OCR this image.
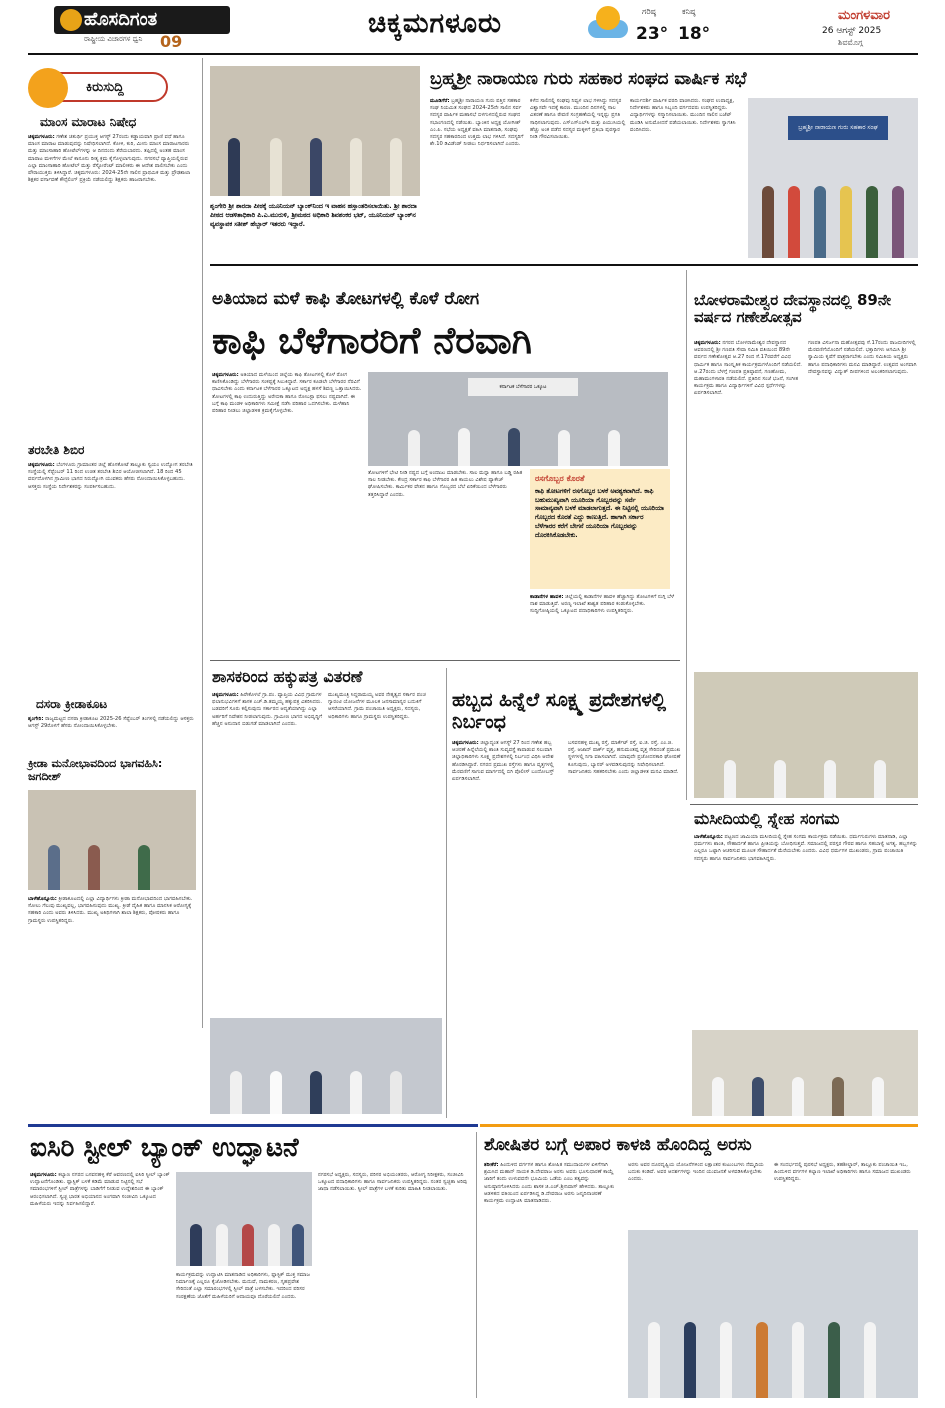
ಹೊಸದಿಗಂತ
ರಾಷ್ಟ್ರೀಯ ವಿಚಾರಗಳ ಧ್ವನಿ 09
ಚಿಕ್ಕಮಗಳೂರು	ಗರಿಷ್ಠ
23°
ಕನಿಷ್ಠ
18°
ಮಂಗಳವಾರ
26 ಆಗಸ್ಟ್ 2025
ಶಿವಮೊಗ್ಗ
ಕಿರುಸುದ್ದಿ
ಮಾಂಸ ಮಾರಾಟ ನಿಷೇಧ
ಚಿಕ್ಕಮಗಳೂರು: ಗಣೇಶ ಚತುರ್ಥಿ ಪ್ರಯುಕ್ತ ಆಗಸ್ಟ್ 27ರಂದು ಕಡ್ಡಾಯವಾಗಿ ಪ್ರಾಣಿ ವಧೆ ಹಾಗೂ ಮಾಂಸ ಮಾರಾಟ ಮಾಡುವುದನ್ನು ನಿಷೇಧಿಸಲಾಗಿದೆ. ಕೋಳಿ, ಕುರಿ, ಮೀನು ಮಾಂಸ ಮಾರಾಟಗಾರರು ಮತ್ತು ಮಾಂಸಾಹಾರಿ ಹೋಟೆಲ್‌ಗಳನ್ನು ಆ ದಿನದಂದು ತೆರೆಯಬಾರದು. ತಪ್ಪಿದಲ್ಲಿ ಅಂತಹ ಮಾಂಸ ಮಾರಾಟ ಮಳಿಗೆಗಳ ಮೇಲೆ ಕಾನೂನು ರೀತ್ಯ ಕ್ರಮ ಕೈಗೊಳ್ಳಲಾಗುವುದು. ನಗರಸಭೆ ವ್ಯಾಪ್ತಿಯಲ್ಲಿರುವ ಎಲ್ಲಾ ಮಾಂಸಾಹಾರಿ ಹೋಟೆಲ್ ಮತ್ತು ರೆಸ್ಟೋರೆಂಟ್ ಮಾಲೀಕರು ಈ ಆದೇಶ ಪಾಲಿಸಬೇಕು ಎಂದು ಪೌರಾಯುಕ್ತರು ತಿಳಿಸಿದ್ದಾರೆ. ಚಿಕ್ಕಮಗಳೂರು: 2024-25ನೇ ಸಾಲಿನ ಪ್ರಾಥಮಿಕ ಮತ್ತು ಪ್ರೌಢಶಾಲಾ ಶಿಕ್ಷಕರ ವರ್ಗಾವಣೆ ಕೌನ್ಸೆಲಿಂಗ್ ಪ್ರಕ್ರಿಯೆ ನಡೆಯಲಿದ್ದು ಶಿಕ್ಷಕರು ಹಾಜರಾಗಬೇಕು.
ತರಬೇತಿ ಶಿಬಿರ
ಚಿಕ್ಕಮಗಳೂರು: ಬೆಂಗಳೂರು ಗ್ರಾಮಾಂತರ ಜಿಲ್ಲೆ ಹೊಸಕೋಟೆ ತಾಲ್ಲೂಕು ಸ್ವಯಂ ಉದ್ಯೋಗ ತರಬೇತಿ ಸಂಸ್ಥೆಯಲ್ಲಿ ಸೆಪ್ಟೆಂಬರ್ 11 ರಿಂದ ಉಚಿತ ತರಬೇತಿ ಶಿಬಿರ ಆಯೋಜಿಸಲಾಗಿದೆ. 18 ರಿಂದ 45 ವರ್ಷದೊಳಗಿನ ಗ್ರಾಮೀಣ ಭಾಗದ ನಿರುದ್ಯೋಗಿ ಯುವಕರು ಹೆಸರು ನೋಂದಾಯಿಸಿಕೊಳ್ಳಬಹುದು. ಆಸಕ್ತರು ಸಂಸ್ಥೆಯ ನಿರ್ದೇಶಕರನ್ನು ಸಂಪರ್ಕಿಸಬಹುದು.
ದಸರಾ ಕ್ರೀಡಾಕೂಟ
ಶೃಂಗೇರಿ: ರಾಜ್ಯಮಟ್ಟದ ದಸರಾ ಕ್ರೀಡಾಕೂಟ 2025-26 ಸೆಪ್ಟೆಂಬರ್ ತಿಂಗಳಲ್ಲಿ ನಡೆಯಲಿದ್ದು ಆಸಕ್ತರು ಆಗಸ್ಟ್ 29ರೊಳಗೆ ಹೆಸರು ನೋಂದಾಯಿಸಿಕೊಳ್ಳಬೇಕು.
ಕ್ರೀಡಾ ಮನೋಭಾವದಿಂದ ಭಾಗವಹಿಸಿ: ಜಗದೀಶ್
ಬಾಳೆಹೊನ್ನೂರು: ಕ್ರೀಡಾಕೂಟದಲ್ಲಿ ಎಲ್ಲಾ ವಿದ್ಯಾರ್ಥಿಗಳು ಕ್ರೀಡಾ ಮನೋಭಾವದಿಂದ ಭಾಗವಹಿಸಬೇಕು. ಸೋಲು ಗೆಲುವು ಮುಖ್ಯವಲ್ಲ, ಭಾಗವಹಿಸುವುದು ಮುಖ್ಯ. ಕ್ರೀಡೆ ದೈಹಿಕ ಹಾಗೂ ಮಾನಸಿಕ ಆರೋಗ್ಯಕ್ಕೆ ಸಹಕಾರಿ ಎಂದು ಅವರು ತಿಳಿಸಿದರು. ಮುಖ್ಯ ಅತಿಥಿಗಳಾಗಿ ಶಾಲಾ ಶಿಕ್ಷಕರು, ಪೋಷಕರು ಹಾಗೂ ಗ್ರಾಮಸ್ಥರು ಉಪಸ್ಥಿತರಿದ್ದರು.
ಶೃಂಗೇರಿ ಶ್ರೀ ಶಾರದಾ ಪೀಠಕ್ಕೆ ಯೂನಿಯನ್ ಬ್ಯಾಂಕ್‌ನಿಂದ ಇ ವಾಹನ ಹಸ್ತಾಂತರಿಸಲಾಯಿತು. ಶ್ರೀ ಶಾರದಾ ಪೀಠದ ಆಡಳಿತಾಧಿಕಾರಿ ಪಿ.ಎ.ಮುರುಳಿ, ಶ್ರೀಮಠದ ಅಧಿಕಾರಿ ಶಿವಶಂಕರ ಭಟ್, ಯೂನಿಯನ್ ಬ್ಯಾಂಕ್‌ನ ವ್ಯವಸ್ಥಾಪಕ ಸತೀಶ್ ಹೆಬ್ಬಾರ್ ಇತರರು ಇದ್ದಾರೆ.
ಬ್ರಹ್ಮಶ್ರೀ ನಾರಾಯಣ ಗುರು ಸಹಕಾರ ಸಂಘದ ವಾರ್ಷಿಕ ಸಭೆ
ಮೂಡಿಗೆರೆ: ಬ್ರಹ್ಮಶ್ರೀ ನಾರಾಯಣ ಗುರು ಪತ್ತಿನ ಸಹಕಾರ ಸಂಘ ನಿಯಮಿತ ಸಂಘದ 2024-25ನೇ ಸಾಲಿನ ಸರ್ವ ಸದಸ್ಯರ ವಾರ್ಷಿಕ ಮಹಾಸಭೆ ಬಿಳಗುಳದಲ್ಲಿರುವ ಸಂಘದ ಸಭಾಂಗಣದಲ್ಲಿ ನಡೆಯಿತು. ಬ್ಯಾಂಕಿನ ಅಧ್ಯಕ್ಷ ಯೋಗೀಶ್ ಎಂ.ಪಿ. ಸಭೆಯ ಅಧ್ಯಕ್ಷತೆ ವಹಿಸಿ ಮಾತನಾಡಿ, ಸಂಘವು ಸದಸ್ಯರ ಸಹಕಾರದಿಂದ ಉತ್ತಮ ಲಾಭ ಗಳಿಸಿದೆ. ಸದಸ್ಯರಿಗೆ ಶೇ.10 ಡಿವಿಡೆಂಡ್ ನೀಡಲು ನಿರ್ಧರಿಸಲಾಗಿದೆ ಎಂದರು.
ಕಳೆದ ಸಾಲಿನಲ್ಲಿ ಸಂಘವು ನಿವ್ವಳ ಲಾಭ ಗಳಿಸಿದ್ದು ಸದಸ್ಯರ ವಿಶ್ವಾಸವೇ ಇದಕ್ಕೆ ಕಾರಣ. ಮುಂದಿನ ದಿನಗಳಲ್ಲಿ ಸಾಲ ವಿತರಣೆ ಹಾಗೂ ಠೇವಣಿ ಸಂಗ್ರಹಣೆಯಲ್ಲಿ ಇನ್ನಷ್ಟು ಪ್ರಗತಿ ಸಾಧಿಸಲಾಗುವುದು. ಎಸ್‌ಎಸ್‌ಎಲ್‌ಸಿ ಮತ್ತು ಪಿಯುಸಿಯಲ್ಲಿ ಹೆಚ್ಚು ಅಂಕ ಪಡೆದ ಸದಸ್ಯರ ಮಕ್ಕಳಿಗೆ ಪ್ರತಿಭಾ ಪುರಸ್ಕಾರ ನೀಡಿ ಗೌರವಿಸಲಾಯಿತು.
ಕಾರ್ಯದರ್ಶಿ ವಾರ್ಷಿಕ ವರದಿ ವಾಚಿಸಿದರು. ಸಂಘದ ಉಪಾಧ್ಯಕ್ಷ, ನಿರ್ದೇಶಕರು ಹಾಗೂ ಸಿಬ್ಬಂದಿ ವರ್ಗದವರು ಉಪಸ್ಥಿತರಿದ್ದರು. ವಿದ್ಯಾರ್ಥಿಗಳನ್ನು ಸನ್ಮಾನಿಸಲಾಯಿತು. ಮುಂದಿನ ಸಾಲಿನ ಬಜೆಟ್ ಮಂಡಿಸಿ ಅನುಮೋದನೆ ಪಡೆಯಲಾಯಿತು. ನಿರ್ದೇಶಕರು ಸ್ವಾಗತಿಸಿ ವಂದಿಸಿದರು.	ಬ್ರಹ್ಮಶ್ರೀ ನಾರಾಯಣ ಗುರು ಸಹಕಾರ ಸಂಘ
ಅತಿಯಾದ ಮಳೆ ಕಾಫಿ ತೋಟಗಳಲ್ಲಿ ಕೊಳೆ ರೋಗ
ಕಾಫಿ ಬೆಳೆಗಾರರಿಗೆ ನೆರವಾಗಿ
ಚಿಕ್ಕಮಗಳೂರು: ಅತಿಯಾದ ಮಳೆಯಿಂದ ಜಿಲ್ಲೆಯ ಕಾಫಿ ತೋಟಗಳಲ್ಲಿ ಕೊಳೆ ರೋಗ ಕಾಣಿಸಿಕೊಂಡಿದ್ದು ಬೆಳೆಗಾರರು ಸಂಕಷ್ಟಕ್ಕೆ ಸಿಲುಕಿದ್ದಾರೆ. ಸರ್ಕಾರ ಕೂಡಲೇ ಬೆಳೆಗಾರರ ನೆರವಿಗೆ ಧಾವಿಸಬೇಕು ಎಂದು ಕರ್ನಾಟಕ ಬೆಳೆಗಾರರ ಒಕ್ಕೂಟದ ಅಧ್ಯಕ್ಷ ಹಳಸೆ ಶಿವಣ್ಣ ಒತ್ತಾಯಿಸಿದರು. ತೋಟಗಳಲ್ಲಿ ಕಾಫಿ ಉದುರುತ್ತಿದ್ದು ಅರೇಬಿಕಾ ಹಾಗೂ ರೋಬಸ್ಟಾ ಫಸಲು ನಷ್ಟವಾಗಿದೆ. ಈ ಬಗ್ಗೆ ಕಾಫಿ ಮಂಡಳಿ ಅಧಿಕಾರಿಗಳು ಸಮೀಕ್ಷೆ ನಡೆಸಿ ಪರಿಹಾರ ಒದಗಿಸಬೇಕು. ಮಳೆಹಾನಿ ಪರಿಹಾರ ನೀಡಲು ಜಿಲ್ಲಾಡಳಿತ ಕ್ರಮಕೈಗೊಳ್ಳಬೇಕು.
ಕರ್ನಾಟಕ ಬೆಳೆಗಾರರ ಒಕ್ಕೂಟ
ರಸಗೊಬ್ಬರ ಕೊರತೆ
ಕಾಫಿ ತೋಟಗಳಿಗೆ ರಸಗೊಬ್ಬರ ಬಳಕೆ ಅವಶ್ಯಕವಾಗಿದೆ. ಕಾಫಿ ಬಹುಮುಖ್ಯವಾಗಿ ಯೂರಿಯಾ ಗೊಬ್ಬರವನ್ನು ಸರ್ವೆ ಸಾಮಾನ್ಯವಾಗಿ ಬಳಕೆ ಮಾಡಲಾಗುತ್ತದೆ. ಈ ನಿಟ್ಟಿನಲ್ಲಿ ಯೂರಿಯಾ ಗೊಬ್ಬರದ ಕೊರತೆ ಎದ್ದು ಕಾಣುತ್ತಿದೆ. ಹಾಗಾಗಿ ಸರ್ಕಾರ ಬೆಳೆಗಾರರ ಕರೆಗೆ ಬೇಗನೆ ಯೂರಿಯಾ ಗೊಬ್ಬರವನ್ನು ದೊರಕಿಸಿಕೊಡಬೇಕು.
ತೋಟಗಳಿಗೆ ಭೇಟಿ ನೀಡಿ ನಷ್ಟದ ಬಗ್ಗೆ ಅಂದಾಜು ಮಾಡಬೇಕು. ಸಾಲ ಮನ್ನಾ ಹಾಗೂ ಬಡ್ಡಿ ರಹಿತ ಸಾಲ ನೀಡಬೇಕು. ಕೇಂದ್ರ ಸರ್ಕಾರ ಕಾಫಿ ಬೆಳೆಗಾರರ ಹಿತ ಕಾಯಲು ವಿಶೇಷ ಪ್ಯಾಕೇಜ್ ಘೋಷಿಸಬೇಕು. ಕಾರ್ಮಿಕರ ವೇತನ ಹಾಗೂ ಗೊಬ್ಬರದ ಬೆಲೆ ಏರಿಕೆಯಿಂದ ಬೆಳೆಗಾರರು ತತ್ತರಿಸಿದ್ದಾರೆ ಎಂದರು.
ಕಾಡಾನೆಗಳ ಹಾವಳಿ: ಜಿಲ್ಲೆಯಲ್ಲಿ ಕಾಡಾನೆಗಳ ಹಾವಳಿ ಹೆಚ್ಚಾಗಿದ್ದು ತೋಟಗಳಿಗೆ ನುಗ್ಗಿ ಬೆಳೆ ನಾಶ ಮಾಡುತ್ತಿವೆ. ಅರಣ್ಯ ಇಲಾಖೆ ಶಾಶ್ವತ ಪರಿಹಾರ ಕಂಡುಕೊಳ್ಳಬೇಕು. ಸುದ್ದಿಗೋಷ್ಠಿಯಲ್ಲಿ ಒಕ್ಕೂಟದ ಪದಾಧಿಕಾರಿಗಳು ಉಪಸ್ಥಿತರಿದ್ದರು.
ಬೋಳರಾಮೇಶ್ವರ ದೇವಸ್ಥಾನದಲ್ಲಿ 89ನೇ ವರ್ಷದ ಗಣೇಶೋತ್ಸವ
ಚಿಕ್ಕಮಗಳೂರು: ನಗರದ ಬೋಳರಾಮೇಶ್ವರ ದೇವಸ್ಥಾನದ ಆವರಣದಲ್ಲಿ ಶ್ರೀ ಗಣಪತಿ ಸೇವಾ ಸಮಿತಿ ವತಿಯಿಂದ 89ನೇ ವರ್ಷದ ಗಣೇಶೋತ್ಸವ ಆ.27 ರಿಂದ ಸೆ.17ರವರೆಗೆ ವಿವಿಧ ಧಾರ್ಮಿಕ ಹಾಗೂ ಸಾಂಸ್ಕೃತಿಕ ಕಾರ್ಯಕ್ರಮಗಳೊಂದಿಗೆ ನಡೆಯಲಿದೆ. ಆ.27ರಂದು ಬೆಳಗ್ಗೆ ಗಣಪತಿ ಪ್ರತಿಷ್ಠಾಪನೆ, ಗಣಹೋಮ, ಮಹಾಮಂಗಳಾರತಿ ನಡೆಯಲಿದೆ. ಪ್ರತಿದಿನ ಸಂಜೆ ಭಜನೆ, ಸಂಗೀತ ಕಾರ್ಯಕ್ರಮ ಹಾಗೂ ವಿದ್ಯಾರ್ಥಿಗಳಿಗೆ ವಿವಿಧ ಸ್ಪರ್ಧೆಗಳನ್ನು ಏರ್ಪಡಿಸಲಾಗಿದೆ.
ಗಣಪತಿ ವಿಸರ್ಜನಾ ಮಹೋತ್ಸವವು ಸೆ.17ರಂದು ರಾಜಬೀದಿಗಳಲ್ಲಿ ಮೆರವಣಿಗೆಯೊಂದಿಗೆ ನಡೆಯಲಿದೆ. ಭಕ್ತಾದಿಗಳು ಆಗಮಿಸಿ ಶ್ರೀ ಸ್ವಾಮಿಯ ಕೃಪೆಗೆ ಪಾತ್ರರಾಗಬೇಕು ಎಂದು ಸಮಿತಿಯ ಅಧ್ಯಕ್ಷರು ಹಾಗೂ ಪದಾಧಿಕಾರಿಗಳು ಮನವಿ ಮಾಡಿದ್ದಾರೆ. ಉತ್ಸವದ ಅಂಗವಾಗಿ ದೇವಸ್ಥಾನವನ್ನು ವಿದ್ಯುತ್ ದೀಪಗಳಿಂದ ಅಲಂಕರಿಸಲಾಗುವುದು.
ಶಾಸಕರಿಂದ ಹಕ್ಕುಪತ್ರ ವಿತರಣೆ
ಚಿಕ್ಕಮಗಳೂರು: ಹಿರೇಕೊಳಲೆ ಗ್ರಾ.ಪಂ. ವ್ಯಾಪ್ತಿಯ ವಿವಿಧ ಗ್ರಾಮಗಳ ಫಲಾನುಭವಿಗಳಿಗೆ ಶಾಸಕ ಎಚ್.ಡಿ.ತಮ್ಮಯ್ಯ ಹಕ್ಕುಪತ್ರ ವಿತರಿಸಿದರು. ಬಡವರಿಗೆ ಸೂರು ಕಲ್ಪಿಸುವುದು ಸರ್ಕಾರದ ಆದ್ಯತೆಯಾಗಿದ್ದು ಎಲ್ಲಾ ಅರ್ಹರಿಗೆ ನಿವೇಶನ ನೀಡಲಾಗುವುದು. ಗ್ರಾಮೀಣ ಭಾಗದ ಅಭಿವೃದ್ಧಿಗೆ ಹೆಚ್ಚಿನ ಅನುದಾನ ಬಿಡುಗಡೆ ಮಾಡಲಾಗಿದೆ ಎಂದರು.
ಮುಖ್ಯಮಂತ್ರಿ ಸಿದ್ದರಾಮಯ್ಯ ಅವರ ನೇತೃತ್ವದ ಸರ್ಕಾರ ಪಂಚ ಗ್ಯಾರಂಟಿ ಯೋಜನೆಗಳ ಮೂಲಕ ಜನಸಾಮಾನ್ಯರ ಬದುಕಿಗೆ ಆಸರೆಯಾಗಿದೆ. ಗ್ರಾಮ ಪಂಚಾಯಿತಿ ಅಧ್ಯಕ್ಷರು, ಸದಸ್ಯರು, ಅಧಿಕಾರಿಗಳು ಹಾಗೂ ಗ್ರಾಮಸ್ಥರು ಉಪಸ್ಥಿತರಿದ್ದರು.
ಹಬ್ಬದ ಹಿನ್ನೆಲೆ ಸೂಕ್ಷ್ಮ ಪ್ರದೇಶಗಳಲ್ಲಿ ನಿರ್ಬಂಧ
ಚಿಕ್ಕಮಗಳೂರು: ಜಿಲ್ಲಾದ್ಯಂತ ಆಗಸ್ಟ್ 27 ರಿಂದ ಗಣೇಶ ಹಬ್ಬ ಆಚರಣೆ ಹಿನ್ನೆಲೆಯಲ್ಲಿ ಶಾಂತಿ ಸುವ್ಯವಸ್ಥೆ ಕಾಪಾಡುವ ಸಲುವಾಗಿ ಜಿಲ್ಲಾಧಿಕಾರಿಗಳು ಸೂಕ್ಷ್ಮ ಪ್ರದೇಶಗಳಲ್ಲಿ ನಿರ್ಬಂಧ ವಿಧಿಸಿ ಆದೇಶ ಹೊರಡಿಸಿದ್ದಾರೆ. ನಗರದ ಪ್ರಮುಖ ರಸ್ತೆಗಳು ಹಾಗೂ ವೃತ್ತಗಳಲ್ಲಿ ಮೆರವಣಿಗೆ ಸಾಗುವ ಮಾರ್ಗದಲ್ಲಿ ಬಿಗಿ ಪೊಲೀಸ್ ಬಂದೋಬಸ್ತ್ ಏರ್ಪಡಿಸಲಾಗಿದೆ.
ಬಸವನಹಳ್ಳಿ ಮುಖ್ಯ ರಸ್ತೆ, ಮಾರ್ಕೆಟ್ ರಸ್ತೆ, ಐ.ಜಿ. ರಸ್ತೆ, ಎಂ.ಜಿ. ರಸ್ತೆ, ಆಜಾದ್ ಪಾರ್ಕ್ ವೃತ್ತ, ಹನುಮಂತಪ್ಪ ವೃತ್ತ ಸೇರಿದಂತೆ ಪ್ರಮುಖ ಸ್ಥಳಗಳಲ್ಲಿ ನಿಗಾ ವಹಿಸಲಾಗಿದೆ. ಯಾವುದೇ ಪ್ರಚೋದನಕಾರಿ ಘೋಷಣೆ ಕೂಗುವುದು, ಬ್ಯಾನರ್ ಅಳವಡಿಸುವುದನ್ನು ನಿಷೇಧಿಸಲಾಗಿದೆ. ಸಾರ್ವಜನಿಕರು ಸಹಕರಿಸಬೇಕು ಎಂದು ಜಿಲ್ಲಾಡಳಿತ ಮನವಿ ಮಾಡಿದೆ.
ಮಸೀದಿಯಲ್ಲಿ ಸ್ನೇಹ ಸಂಗಮ
ಬಾಳೆಹೊನ್ನೂರು: ಪಟ್ಟಣದ ಜಾಮಿಯಾ ಮಸೀದಿಯಲ್ಲಿ ಸ್ನೇಹ ಸಂಗಮ ಕಾರ್ಯಕ್ರಮ ನಡೆಯಿತು. ಧರ್ಮಗುರುಗಳು ಮಾತನಾಡಿ, ಎಲ್ಲಾ ಧರ್ಮಗಳು ಶಾಂತಿ, ಸೌಹಾರ್ದತೆ ಹಾಗೂ ಪ್ರೀತಿಯನ್ನು ಬೋಧಿಸುತ್ತವೆ. ಸಮಾಜದಲ್ಲಿ ಪರಸ್ಪರ ಗೌರವ ಹಾಗೂ ಸಹಬಾಳ್ವೆ ಅಗತ್ಯ. ಹಬ್ಬಗಳನ್ನು ಎಲ್ಲರೂ ಒಟ್ಟಾಗಿ ಆಚರಿಸುವ ಮೂಲಕ ಸೌಹಾರ್ದತೆ ಮೆರೆಯಬೇಕು ಎಂದರು. ವಿವಿಧ ಧರ್ಮಗಳ ಮುಖಂಡರು, ಗ್ರಾಮ ಪಂಚಾಯಿತಿ ಸದಸ್ಯರು ಹಾಗೂ ಸಾರ್ವಜನಿಕರು ಭಾಗವಹಿಸಿದ್ದರು.
ಐಸಿರಿ ಸ್ಟೀಲ್ ಬ್ಯಾಂಕ್ ಉದ್ಘಾಟನೆ
ಚಿಕ್ಕಮಗಳೂರು: ಕಲ್ಯಾಣ ನಗರದ ಬಸವನಹಳ್ಳಿ ಕೆರೆ ಆವರಣದಲ್ಲಿ ಐಸಿರಿ ಸ್ಟೀಲ್ ಬ್ಯಾಂಕ್ ಉದ್ಘಾಟನೆಗೊಂಡಿತು. ಪ್ಲಾಸ್ಟಿಕ್ ಬಳಕೆ ಕಡಿಮೆ ಮಾಡುವ ನಿಟ್ಟಿನಲ್ಲಿ ಸಭೆ ಸಮಾರಂಭಗಳಿಗೆ ಸ್ಟೀಲ್ ಪಾತ್ರೆಗಳನ್ನು ಬಾಡಿಗೆಗೆ ನೀಡುವ ಉದ್ದೇಶದಿಂದ ಈ ಬ್ಯಾಂಕ್ ಆರಂಭಿಸಲಾಗಿದೆ. ಸ್ವಚ್ಛ ಭಾರತ ಅಭಿಯಾನದ ಅಂಗವಾಗಿ ಸಂಜೀವಿನಿ ಒಕ್ಕೂಟದ ಮಹಿಳೆಯರು ಇದನ್ನು ನಿರ್ವಹಿಸಲಿದ್ದಾರೆ.
ಕಾರ್ಯಕ್ರಮವನ್ನು ಉದ್ಘಾಟಿಸಿ ಮಾತನಾಡಿದ ಅಧಿಕಾರಿಗಳು, ಪ್ಲಾಸ್ಟಿಕ್ ಮುಕ್ತ ಸಮಾಜ ನಿರ್ಮಾಣಕ್ಕೆ ಎಲ್ಲರೂ ಕೈಜೋಡಿಸಬೇಕು. ಮದುವೆ, ನಾಮಕರಣ, ಗೃಹಪ್ರವೇಶ ಸೇರಿದಂತೆ ಎಲ್ಲಾ ಸಮಾರಂಭಗಳಲ್ಲಿ ಸ್ಟೀಲ್ ಪಾತ್ರೆ ಬಳಸಬೇಕು. ಇದರಿಂದ ಪರಿಸರ ಸಂರಕ್ಷಣೆಯ ಜೊತೆಗೆ ಮಹಿಳೆಯರಿಗೆ ಆದಾಯವೂ ದೊರೆಯಲಿದೆ ಎಂದರು.
ನಗರಸಭೆ ಅಧ್ಯಕ್ಷರು, ಸದಸ್ಯರು, ಪರಿಸರ ಅಭಿಯಂತರರು, ಆರೋಗ್ಯ ನಿರೀಕ್ಷಕರು, ಸಂಜೀವಿನಿ ಒಕ್ಕೂಟದ ಪದಾಧಿಕಾರಿಗಳು ಹಾಗೂ ಸಾರ್ವಜನಿಕರು ಉಪಸ್ಥಿತರಿದ್ದರು. ನಂತರ ಸ್ವಚ್ಛತಾ ಅರಿವು ಜಾಥಾ ನಡೆಸಲಾಯಿತು. ಸ್ಟೀಲ್ ಪಾತ್ರೆಗಳ ಬಳಕೆ ಕುರಿತು ಮಾಹಿತಿ ನೀಡಲಾಯಿತು.
ಶೋಷಿತರ ಬಗ್ಗೆ ಅಪಾರ ಕಾಳಜಿ ಹೊಂದಿದ್ದ ಅರಸು
ತರೀಕೆರೆ: ಹಿಂದುಳಿದ ವರ್ಗಗಳ ಹಾಗೂ ಶೋಷಿತ ಸಮುದಾಯಗಳ ಏಳಿಗೆಗಾಗಿ ಶ್ರಮಿಸಿದ ಮಹಾನ್ ನಾಯಕ ಡಿ.ದೇವರಾಜ ಅರಸು ಅವರು ಭೂಸುಧಾರಣೆ ಕಾಯ್ದೆ ಜಾರಿಗೆ ತಂದು ಉಳುವವನೇ ಭೂಮಿಯ ಒಡೆಯ ಎಂಬ ತತ್ವವನ್ನು ಅನುಷ್ಠಾನಗೊಳಿಸಿದರು ಎಂದು ಶಾಸಕ ಜಿ.ಎಚ್.ಶ್ರೀನಿವಾಸ್ ಹೇಳಿದರು. ತಾಲ್ಲೂಕು ಆಡಳಿತದ ವತಿಯಿಂದ ಏರ್ಪಡಿಸಿದ್ದ ಡಿ.ದೇವರಾಜ ಅರಸು ಜನ್ಮದಿನಾಚರಣೆ ಕಾರ್ಯಕ್ರಮ ಉದ್ಘಾಟಿಸಿ ಮಾತನಾಡಿದರು.
ಅರಸು ಅವರ ದೂರದೃಷ್ಟಿಯ ಯೋಜನೆಗಳಿಂದ ಲಕ್ಷಾಂತರ ಕುಟುಂಬಗಳು ನೆಮ್ಮದಿಯ ಬದುಕು ಕಂಡಿವೆ. ಅವರ ಆದರ್ಶಗಳನ್ನು ಇಂದಿನ ಯುವಜನತೆ ಅಳವಡಿಸಿಕೊಳ್ಳಬೇಕು ಎಂದರು.
ಈ ಸಂದರ್ಭದಲ್ಲಿ ಪುರಸಭೆ ಅಧ್ಯಕ್ಷರು, ತಹಶೀಲ್ದಾರ್, ತಾಲ್ಲೂಕು ಪಂಚಾಯಿತಿ ಇಒ, ಹಿಂದುಳಿದ ವರ್ಗಗಳ ಕಲ್ಯಾಣ ಇಲಾಖೆ ಅಧಿಕಾರಿಗಳು ಹಾಗೂ ಸಮಾಜದ ಮುಖಂಡರು ಉಪಸ್ಥಿತರಿದ್ದರು.
